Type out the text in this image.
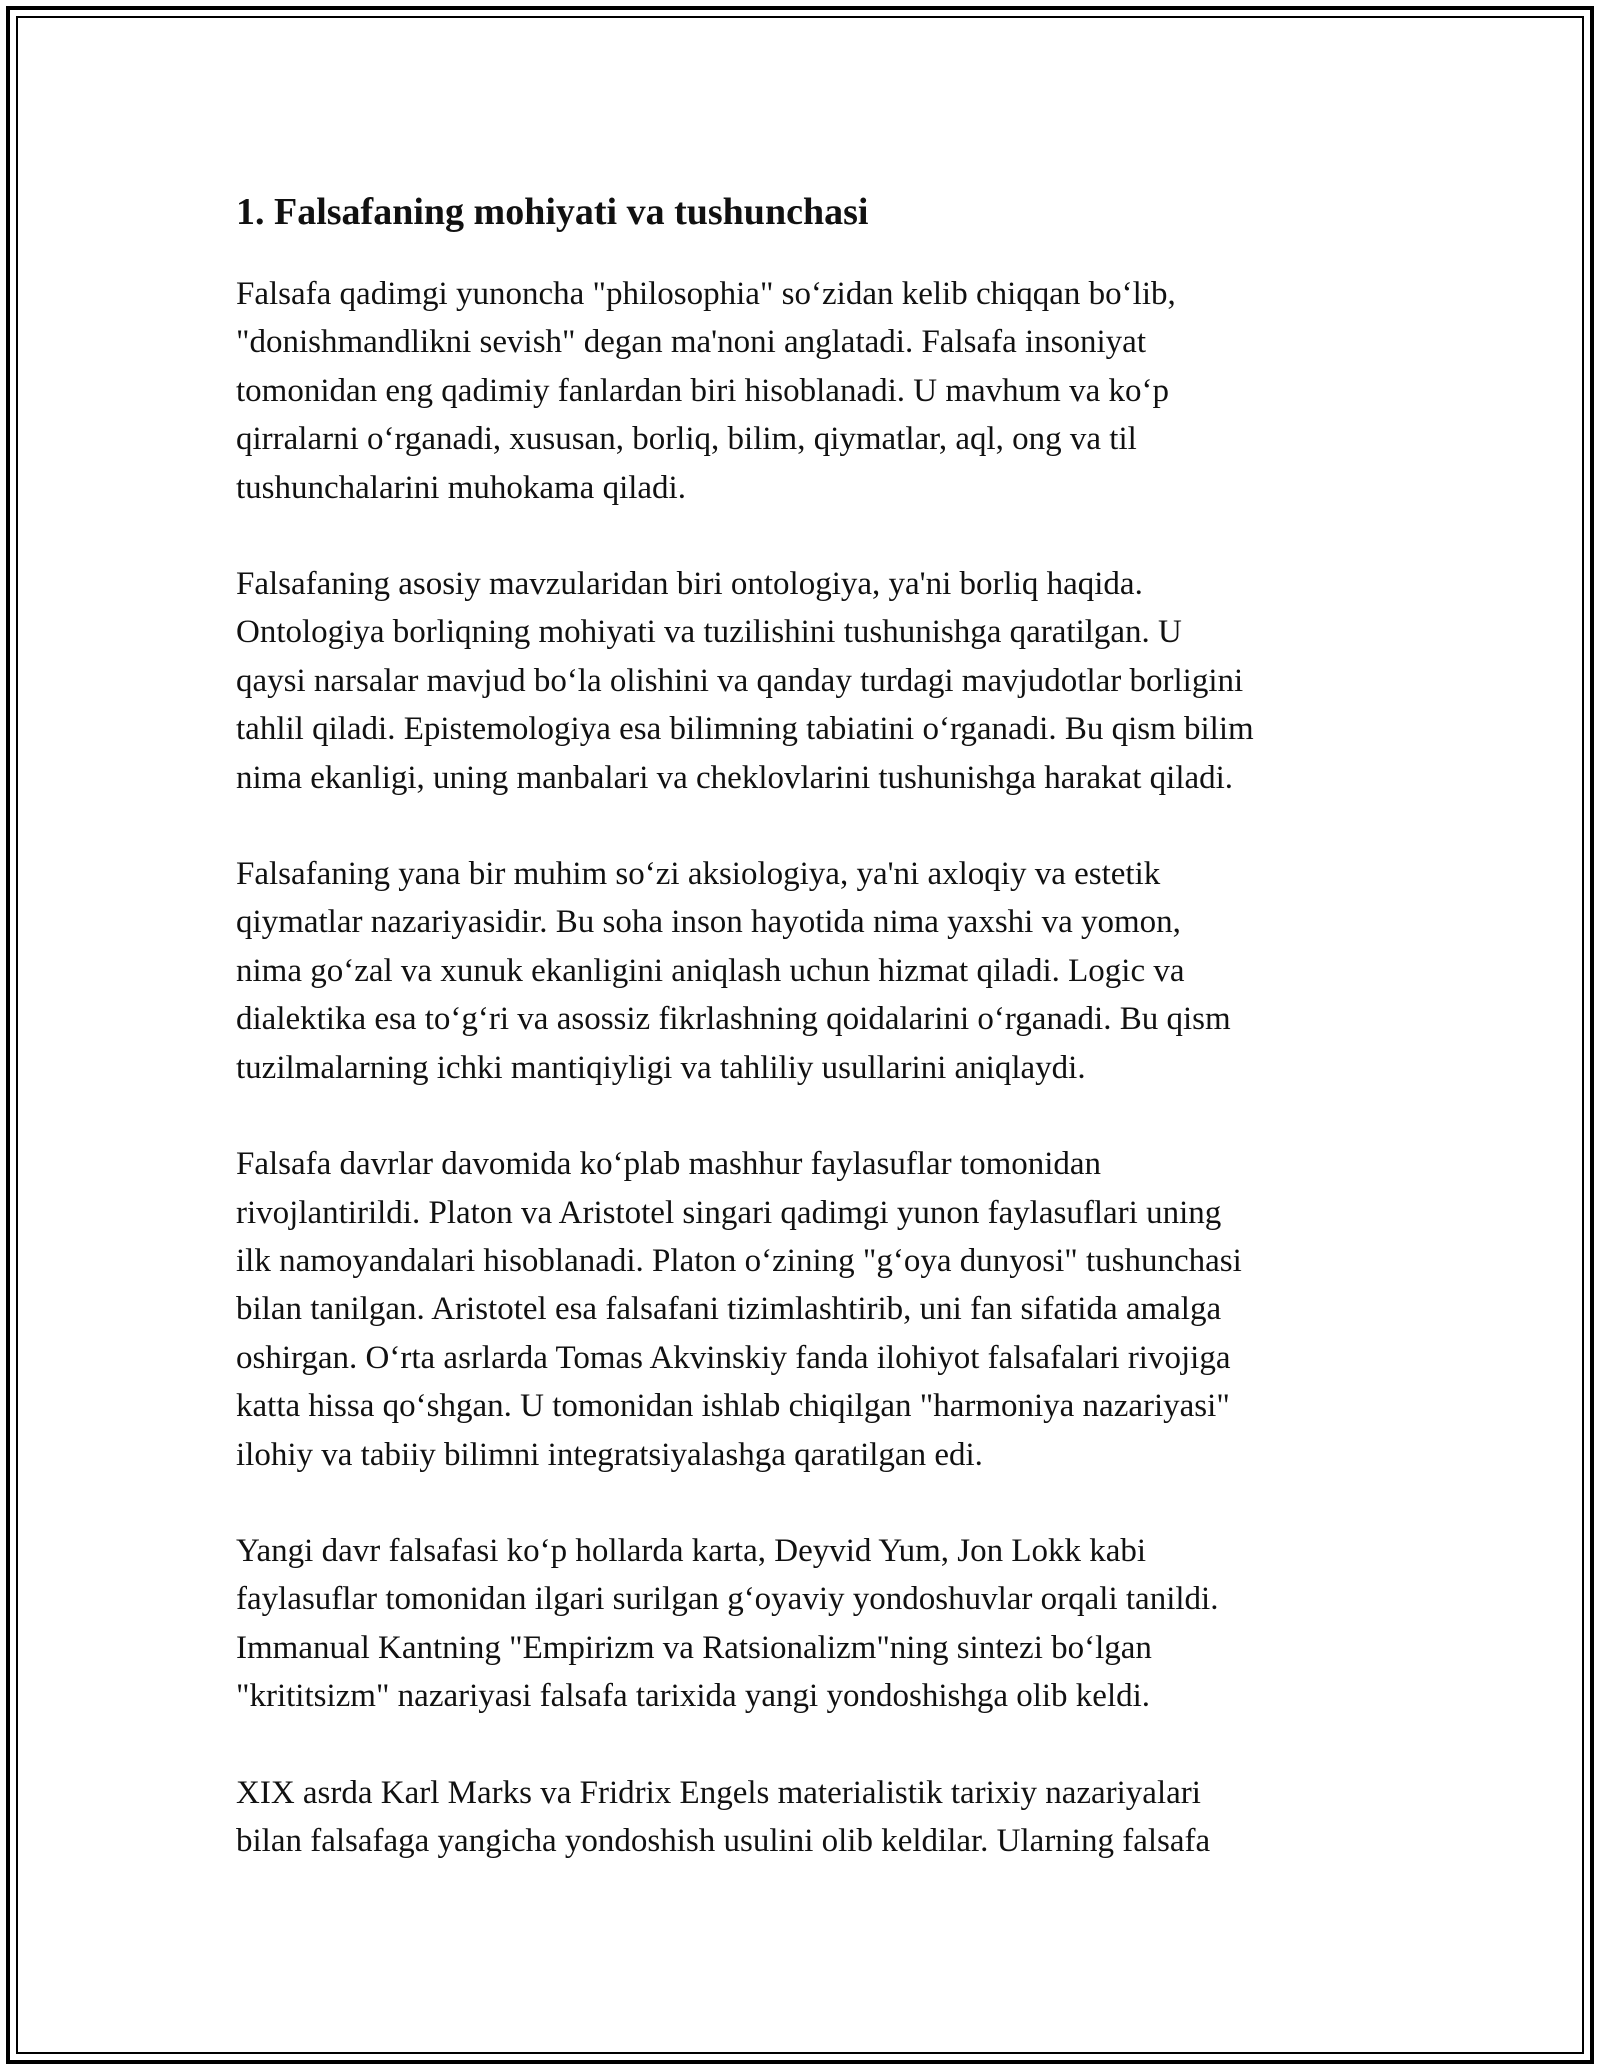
1. Falsafaning mohiyati va tushunchasi

Falsafa qadimgi yunoncha "philosophia" so‘zidan kelib chiqqan bo‘lib,
"donishmandlikni sevish" degan ma'noni anglatadi. Falsafa insoniyat
tomonidan eng qadimiy fanlardan biri hisoblanadi. U mavhum va ko‘p
qirralarni o‘rganadi, xususan, borliq, bilim, qiymatlar, aql, ong va til
tushunchalarini muhokama qiladi.

Falsafaning asosiy mavzularidan biri ontologiya, ya'ni borliq haqida.
Ontologiya borliqning mohiyati va tuzilishini tushunishga qaratilgan. U
qaysi narsalar mavjud bo‘la olishini va qanday turdagi mavjudotlar borligini
tahlil qiladi. Epistemologiya esa bilimning tabiatini o‘rganadi. Bu qism bilim
nima ekanligi, uning manbalari va cheklovlarini tushunishga harakat qiladi.

Falsafaning yana bir muhim so‘zi aksiologiya, ya'ni axloqiy va estetik
qiymatlar nazariyasidir. Bu soha inson hayotida nima yaxshi va yomon,
nima go‘zal va xunuk ekanligini aniqlash uchun hizmat qiladi. Logic va
dialektika esa to‘g‘ri va asossiz fikrlashning qoidalarini o‘rganadi. Bu qism
tuzilmalarning ichki mantiqiyligi va tahliliy usullarini aniqlaydi.

Falsafa davrlar davomida ko‘plab mashhur faylasuflar tomonidan
rivojlantirildi. Platon va Aristotel singari qadimgi yunon faylasuflari uning
ilk namoyandalari hisoblanadi. Platon o‘zining "g‘oya dunyosi" tushunchasi
bilan tanilgan. Aristotel esa falsafani tizimlashtirib, uni fan sifatida amalga
oshirgan. O‘rta asrlarda Tomas Akvinskiy fanda ilohiyot falsafalari rivojiga
katta hissa qo‘shgan. U tomonidan ishlab chiqilgan "harmoniya nazariyasi"
ilohiy va tabiiy bilimni integratsiyalashga qaratilgan edi.

Yangi davr falsafasi ko‘p hollarda karta, Deyvid Yum, Jon Lokk kabi
faylasuflar tomonidan ilgari surilgan g‘oyaviy yondoshuvlar orqali tanildi.
Immanual Kantning "Empirizm va Ratsionalizm"ning sintezi bo‘lgan
"krititsizm" nazariyasi falsafa tarixida yangi yondoshishga olib keldi.

XIX asrda Karl Marks va Fridrix Engels materialistik tarixiy nazariyalari
bilan falsafaga yangicha yondoshish usulini olib keldilar. Ularning falsafa
